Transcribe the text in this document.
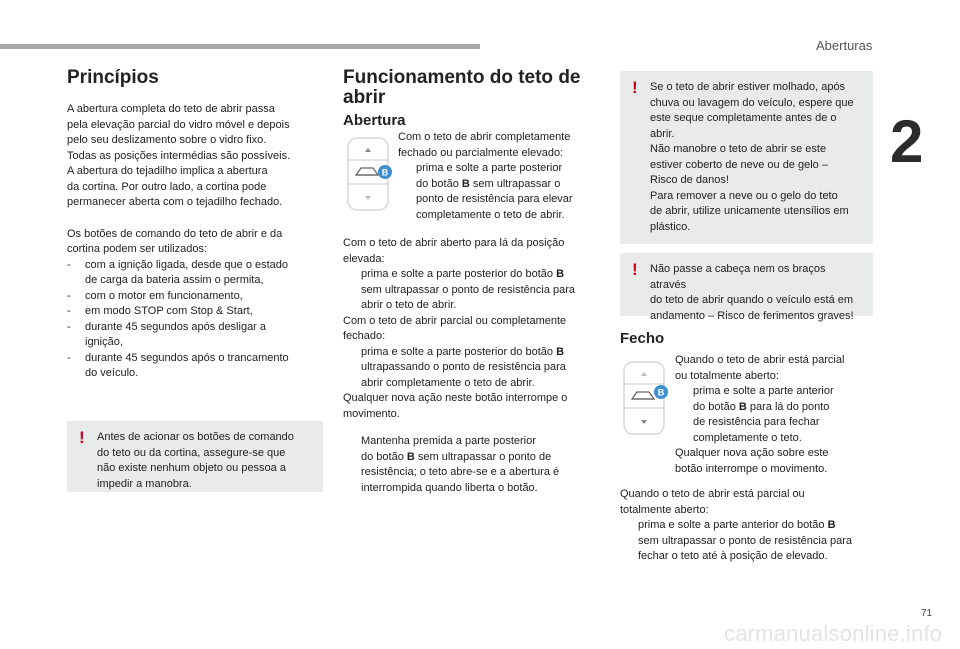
Aberturas
2
71
carmanualsonline.info
Princípios

A abertura completa do teto de abrir passa

pela elevação parcial do vidro móvel e depois

pelo seu deslizamento sobre o vidro fixo.

Todas as posições intermédias são possíveis.

A abertura do tejadilho implica a abertura

da cortina. Por outro lado, a cortina pode

permanecer aberta com o tejadilho fechado.

Os botões de comando do teto de abrir e da

cortina podem ser utilizados:

- com a ignição ligada, desde que o estado
de carga da bateria assim o permita,

- com o motor em funcionamento,

- em modo STOP com Stop & Start,

- durante 45 segundos após desligar a
ignição,

- durante 45 segundos após o trancamento
do veículo.

! Antes de acionar os botões de comando

do teto ou da cortina, assegure-se que

não existe nenhum objeto ou pessoa a

impedir a manobra.

Funcionamento do teto de
abrir
Abertura
B

Com o teto de abrir completamente

fechado ou parcialmente elevado:

prima e solte a parte posterior
do botão B sem ultrapassar o
ponto de resistência para elevar
completamente o teto de abrir.

Com o teto de abrir aberto para lá da posição

elevada:

prima e solte a parte posterior do botão B
sem ultrapassar o ponto de resistência para
abrir o teto de abrir.

Com o teto de abrir parcial ou completamente

fechado:

prima e solte a parte posterior do botão B
ultrapassando o ponto de resistência para
abrir completamente o teto de abrir.

Qualquer nova ação neste botão interrompe o

movimento.

Mantenha premida a parte posterior
do botão B sem ultrapassar o ponto de
resistência; o teto abre-se e a abertura é
interrompida quando liberta o botão.

! Se o teto de abrir estiver molhado, após

chuva ou lavagem do veículo, espere que

este seque completamente antes de o

abrir.

Não manobre o teto de abrir se este

estiver coberto de neve ou de gelo –

Risco de danos!

Para remover a neve ou o gelo do teto

de abrir, utilize unicamente utensílios em

plástico.

! Não passe a cabeça nem os braços através

do teto de abrir quando o veículo está em

andamento – Risco de ferimentos graves!

Fecho
B

Quando o teto de abrir está parcial

ou totalmente aberto:

prima e solte a parte anterior
do botão B para lá do ponto
de resistência para fechar
completamente o teto.

Qualquer nova ação sobre este

botão interrompe o movimento.

Quando o teto de abrir está parcial ou

totalmente aberto:

prima e solte a parte anterior do botão B
sem ultrapassar o ponto de resistência para
fechar o teto até à posição de elevado.
